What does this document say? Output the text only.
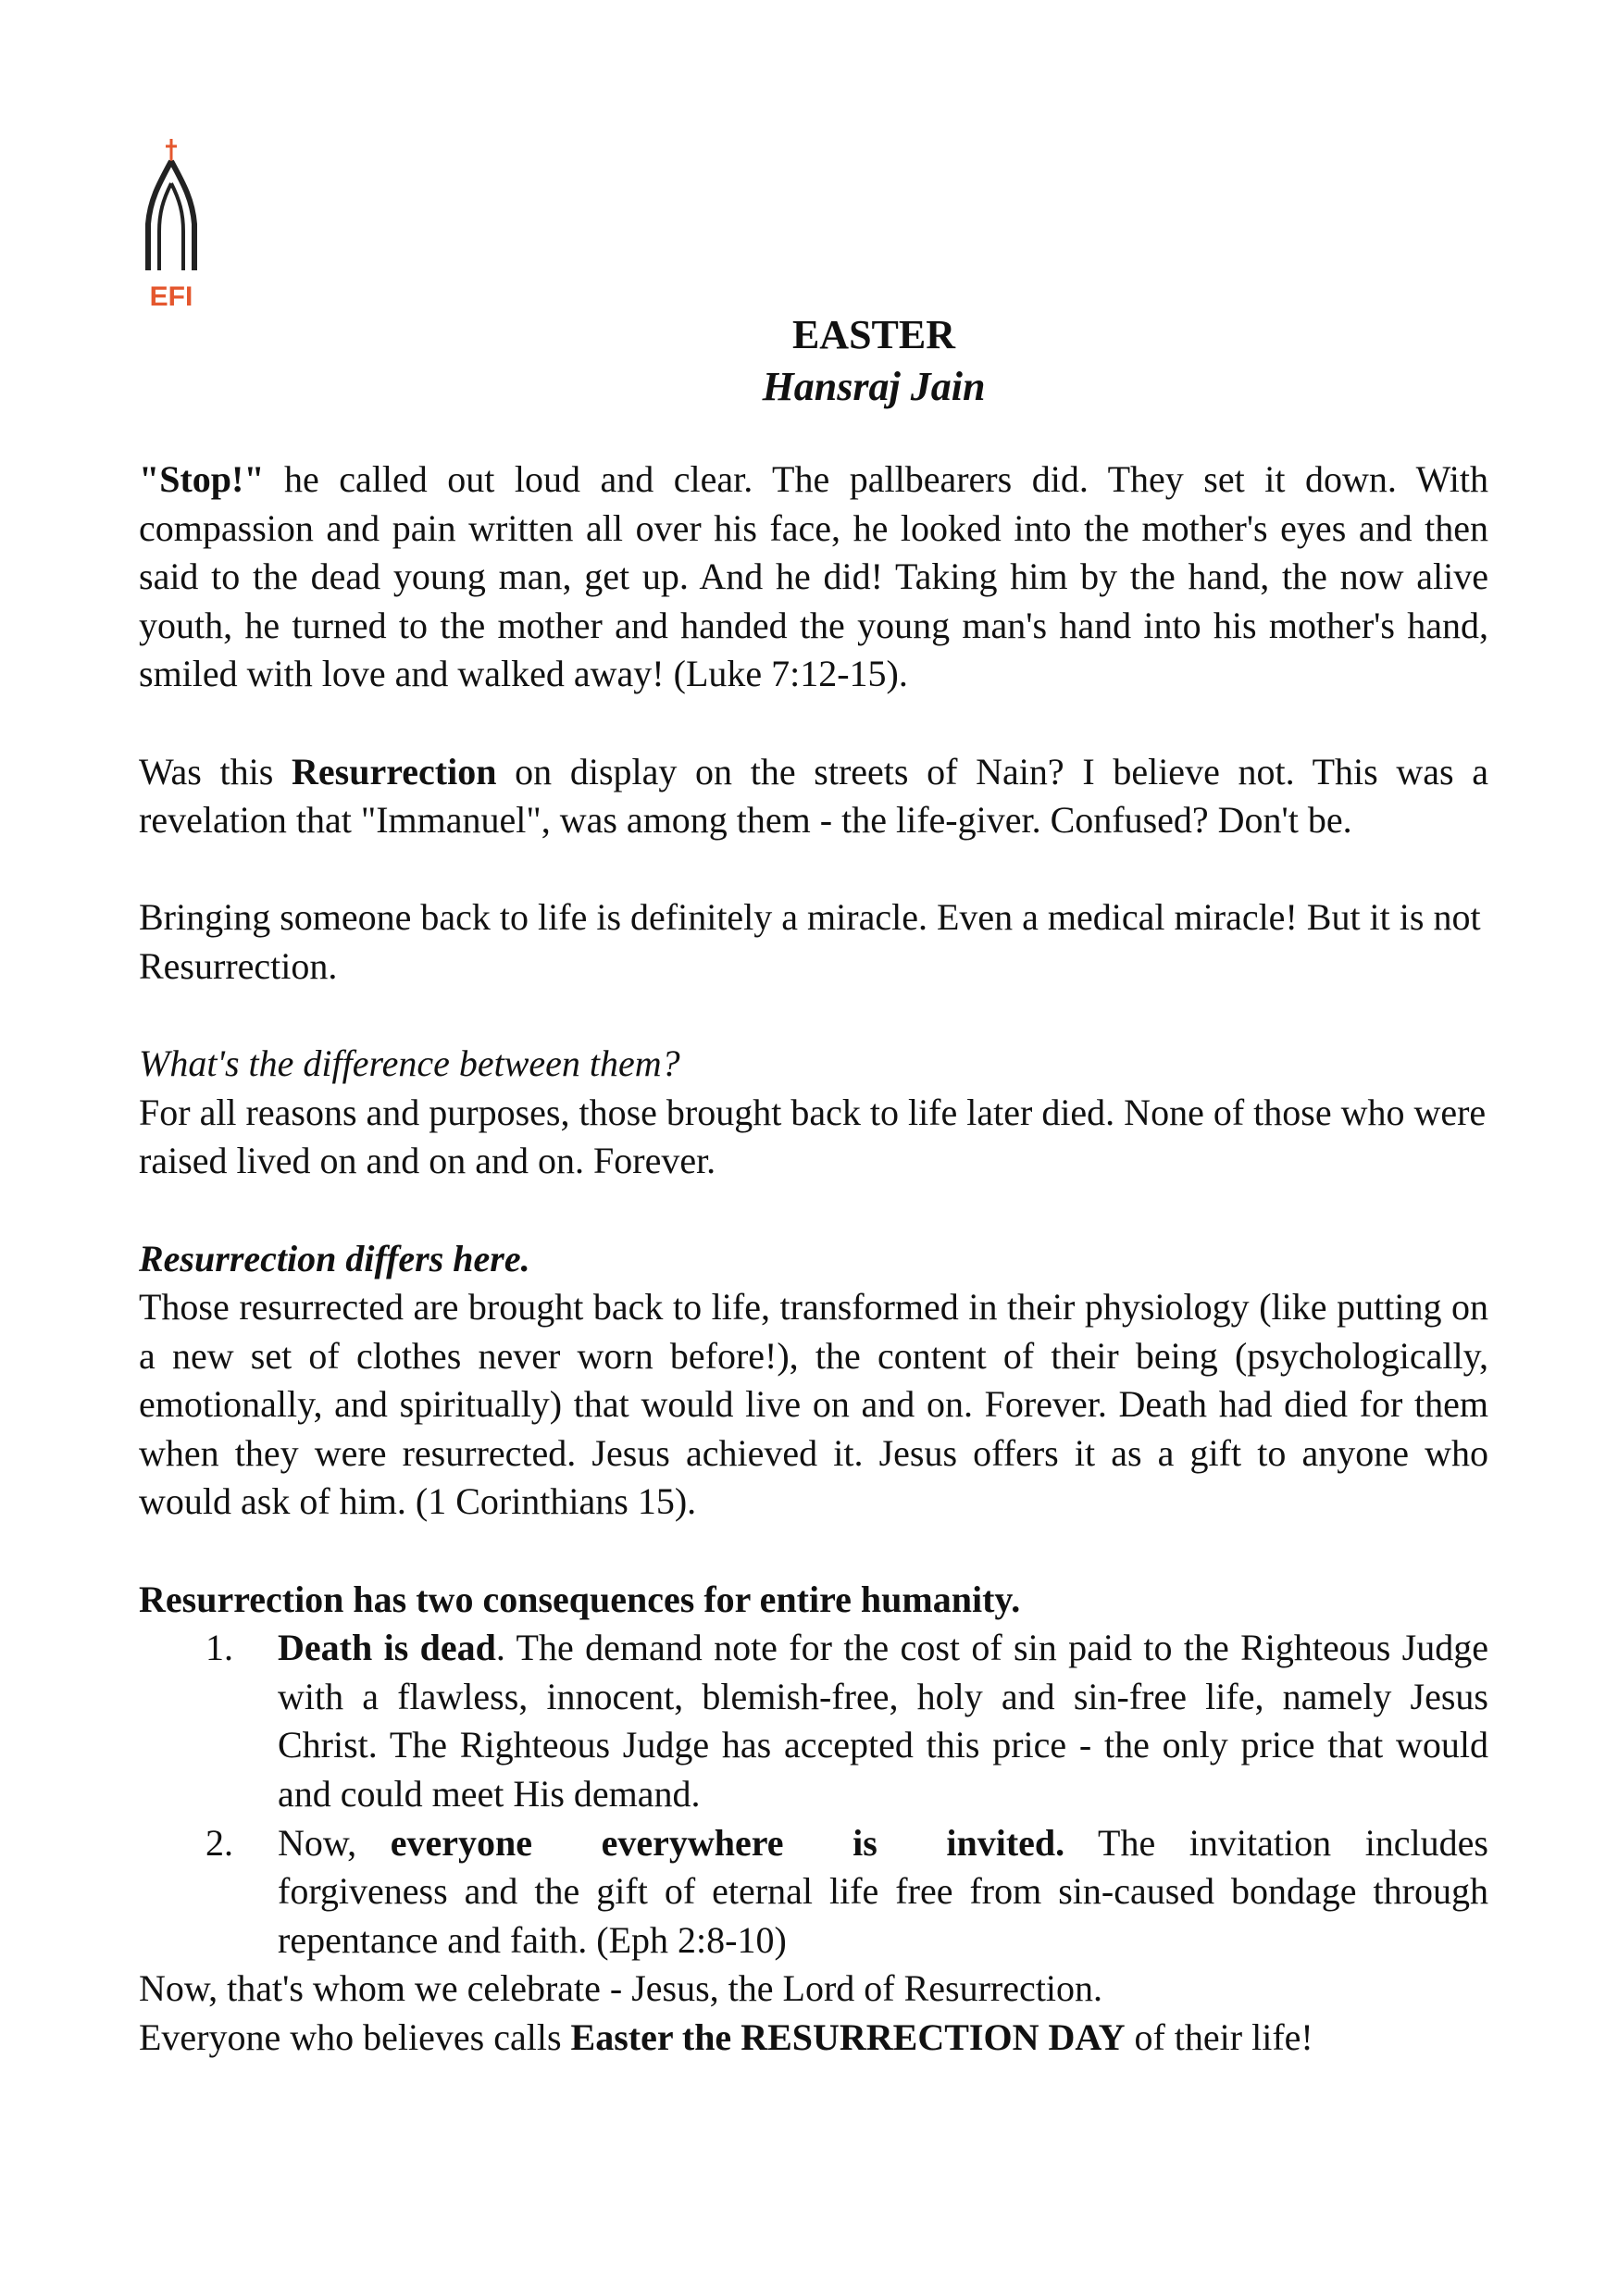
EFI

EASTER

Hansraj Jain

"Stop!" he called out loud and clear. The pallbearers did. They set it down. With compassion and pain written all over his face, he looked into the mother's eyes and then said to the dead young man, get up. And he did! Taking him by the hand, the now alive youth, he turned to the mother and handed the young man's hand into his mother's hand, smiled with love and walked away! (Luke 7:12-15).

Was this Resurrection on display on the streets of Nain? I believe not. This was a revelation that "Immanuel", was among them - the life-giver. Confused? Don't be.

Bringing someone back to life is definitely a miracle. Even a medical miracle! But it is not Resurrection.

What's the difference between them?

For all reasons and purposes, those brought back to life later died. None of those who were raised lived on and on and on. Forever.

Resurrection differs here.

Those resurrected are brought back to life, transformed in their physiology (like putting on a new set of clothes never worn before!), the content of their being (psychologically, emotionally, and spiritually) that would live on and on. Forever. Death had died for them when they were resurrected. Jesus achieved it. Jesus offers it as a gift to anyone who would ask of him. (1 Corinthians 15).

Resurrection has two consequences for entire humanity.

1. Death is dead. The demand note for the cost of sin paid to the Righteous Judge with a flawless, innocent, blemish-free, holy and sin-free life, namely Jesus Christ. The Righteous Judge has accepted this price - the only price that would and could meet His demand.
2. Now, everyone everywhere is invited. The invitation includes forgiveness and the gift of eternal life free from sin-caused bondage through repentance and faith. (Eph 2:8-10)

Now, that's whom we celebrate - Jesus, the Lord of Resurrection.

Everyone who believes calls Easter the RESURRECTION DAY of their life!
